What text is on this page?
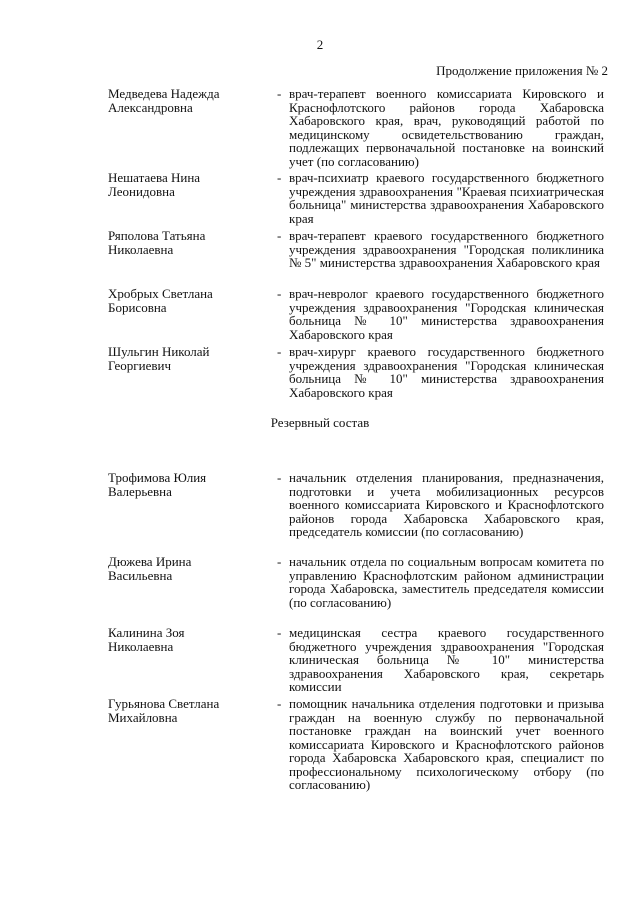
2
Продолжение приложения № 2
Медведева Надежда
Александровна
- врач-терапевт военного комиссариата Кировского и Краснофлотского районов города Хабаровска Хабаровского края, врач, руководящий работой по медицинскому освидетельствованию граждан, подлежащих первоначальной постановке на воинский учет (по согласованию)
Нешатаева Нина
Леонидовна
- врач-психиатр краевого государственного бюджетного учреждения здравоохранения "Краевая психиатрическая больница" министерства здравоохранения Хабаровского края
Ряполова Татьяна
Николаевна
- врач-терапевт краевого государственного бюджетного учреждения здравоохранения "Городская поликлиника № 5" министерства здравоохранения Хабаровского края
Хробрых Светлана
Борисовна
- врач-невролог краевого государственного бюджетного учреждения здравоохранения "Городская клиническая больница № 10" министерства здравоохранения Хабаровского края
Шульгин Николай
Георгиевич
- врач-хирург краевого государственного бюджетного учреждения здравоохранения "Городская клиническая больница № 10" министерства здравоохранения Хабаровского края
Резервный состав
Трофимова Юлия
Валерьевна
- начальник отделения планирования, предназначения, подготовки и учета мобилизационных ресурсов военного комиссариата Кировского и Краснофлотского районов города Хабаровска Хабаровского края, председатель комиссии (по согласованию)
Дюжева Ирина
Васильевна
- начальник отдела по социальным вопросам комитета по управлению Краснофлотским районом администрации города Хабаровска, заместитель председателя комиссии (по согласованию)
Калинина Зоя
Николаевна
- медицинская сестра краевого государственного бюджетного учреждения здравоохранения "Городская клиническая больница № 10" министерства здравоохранения Хабаровского края, секретарь комиссии
Гурьянова Светлана
Михайловна
- помощник начальника отделения подготовки и призыва граждан на военную службу по первоначальной постановке граждан на воинский учет военного комиссариата Кировского и Краснофлотского районов города Хабаровска Хабаровского края, специалист по профессиональному психологическому отбору (по согласованию)
